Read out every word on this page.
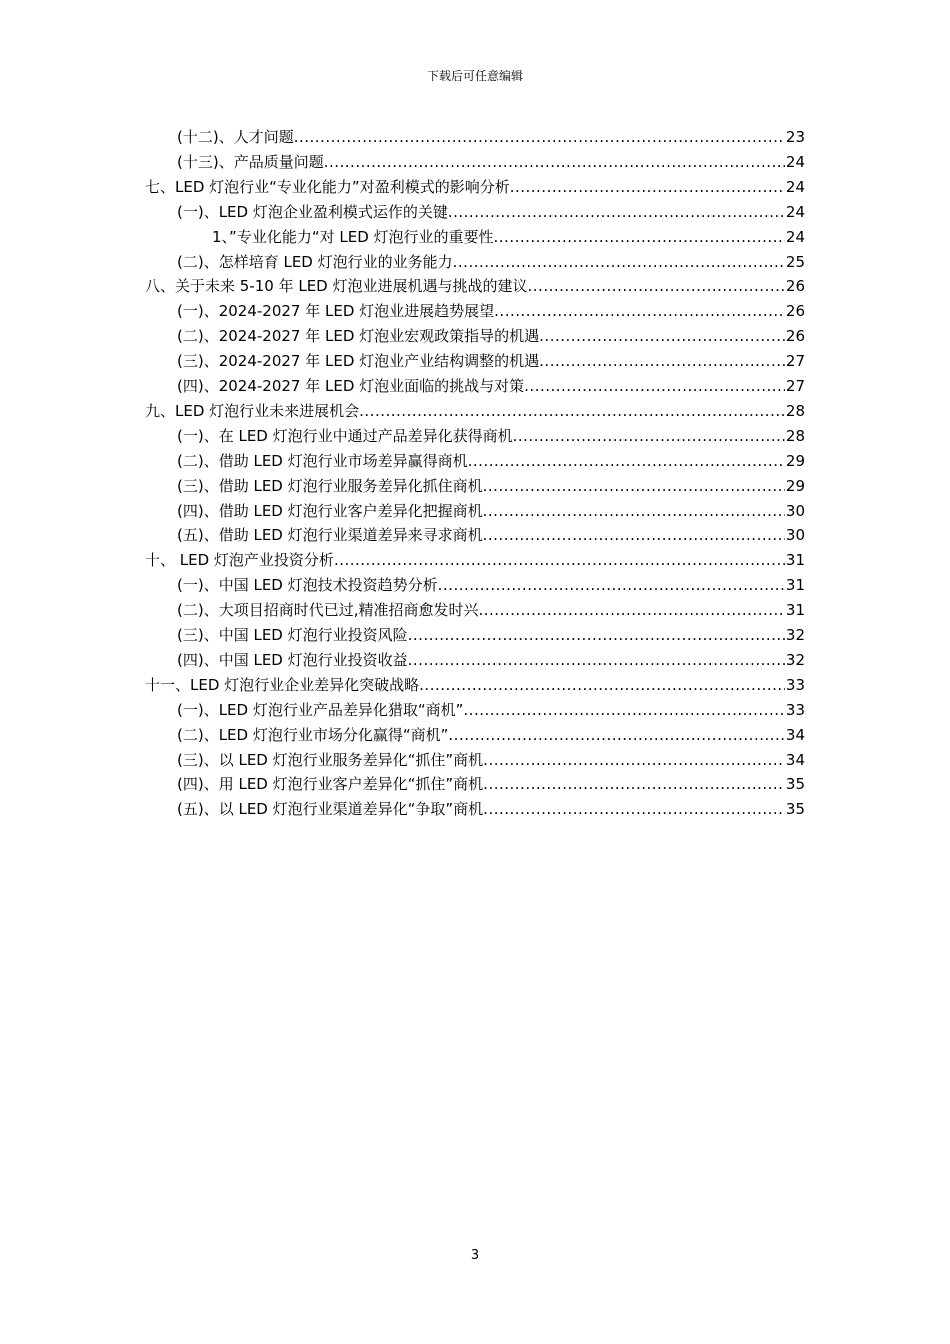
下载后可任意编辑
(十二)、人才问题 .....	23
(十三)、产品质量问题 .....	24
七、LED 灯泡行业“专业化能力”对盈利模式的影响分析 .....	24
(一)、LED 灯泡企业盈利模式运作的关键 .....	24
1、”专业化能力“对 LED 灯泡行业的重要性 .....	24
(二)、怎样培育 LED 灯泡行业的业务能力 .....	25
八、关于未来 5-10 年 LED 灯泡业进展机遇与挑战的建议 .....	26
(一)、2024-2027 年 LED 灯泡业进展趋势展望 .....	26
(二)、2024-2027 年 LED 灯泡业宏观政策指导的机遇 .....	26
(三)、2024-2027 年 LED 灯泡业产业结构调整的机遇 .....	27
(四)、2024-2027 年 LED 灯泡业面临的挑战与对策 .....	27
九、LED 灯泡行业未来进展机会 .....	28
(一)、在 LED 灯泡行业中通过产品差异化获得商机 .....	28
(二)、借助 LED 灯泡行业市场差异赢得商机 .....	29
(三)、借助 LED 灯泡行业服务差异化抓住商机 .....	29
(四)、借助 LED 灯泡行业客户差异化把握商机 .....	30
(五)、借助 LED 灯泡行业渠道差异来寻求商机 .....	30
十、 LED 灯泡产业投资分析 .....	31
(一)、中国 LED 灯泡技术投资趋势分析 .....	31
(二)、大项目招商时代已过,精准招商愈发时兴 .....	31
(三)、中国 LED 灯泡行业投资风险 .....	32
(四)、中国 LED 灯泡行业投资收益 .....	32
十一、LED 灯泡行业企业差异化突破战略 .....	33
(一)、LED 灯泡行业产品差异化猎取“商机” .....	33
(二)、LED 灯泡行业市场分化赢得“商机” .....	34
(三)、以 LED 灯泡行业服务差异化“抓住”商机 .....	34
(四)、用 LED 灯泡行业客户差异化“抓住”商机 .....	35
(五)、以 LED 灯泡行业渠道差异化“争取”商机 .....	35
3
